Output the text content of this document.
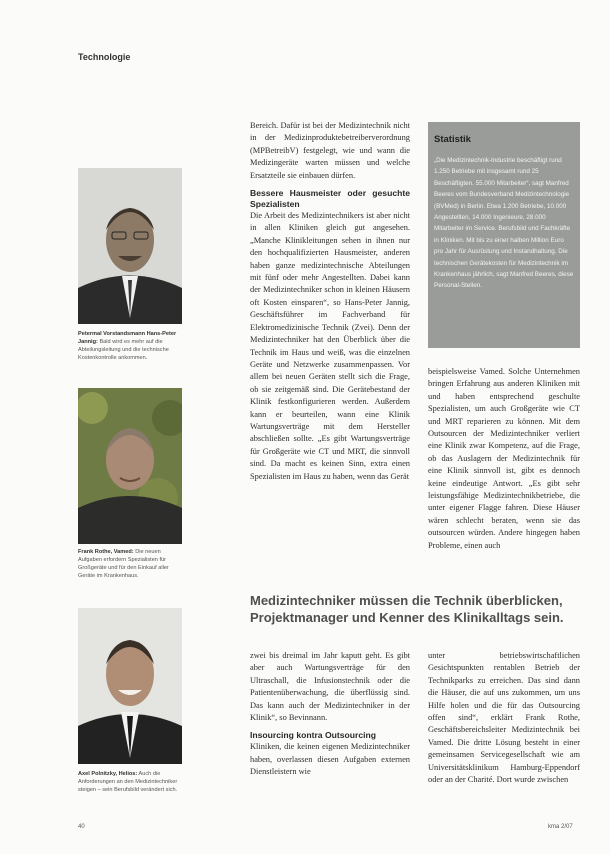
Technologie
Petermal Vorstandsmann Hans-Peter Jannig: Bald wird es mehr auf die Abteilungsleitung und die technische Kostenkontrolle ankommen.
Frank Rothe, Vamed: Die neuen Aufgaben erfordern Spezialisten für Großgeräte und für den Einkauf aller Geräte im Krankenhaus.
Axel Polnitzky, Helios: Auch die Anforderungen an den Medizintechniker steigen – sein Berufsbild verändert sich.

Bereich. Dafür ist bei der Medizintechnik nicht in der Medizinproduktebetreiberverordnung (MPBetreibV) festgelegt, wie und wann die Medizingeräte warten müssen und welche Ersatzteile sie einbauen dürfen.

Bessere Hausmeister oder gesuchte Spezialisten

Die Arbeit des Medizintechnikers ist aber nicht in allen Kliniken gleich gut angesehen. „Manche Klinikleitungen sehen in ihnen nur den hochqualifizierten Hausmeister, anderen haben ganze medizintechnische Abteilungen mit fünf oder mehr Angestellten. Dabei kann der Medizintechniker schon in kleinen Häusern oft Kosten einsparen“, so Hans-Peter Jannig, Geschäftsführer im Fachverband für Elektromedizinische Technik (Zvei). Denn der Medizintechniker hat den Überblick über die Technik im Haus und weiß, was die einzelnen Geräte und Netzwerke zusammenpassen. Vor allem bei neuen Geräten stellt sich die Frage, ob sie zeitgemäß sind. Die Gerätebestand der Klinik festkonfigurieren werden. Außerdem kann er beurteilen, wann eine Klinik Wartungsverträge mit dem Hersteller abschließen sollte. „Es gibt Wartungsverträge für Großgeräte wie CT und MRT, die sinnvoll sind. Da macht es keinen Sinn, extra einen Spezialisten im Haus zu haben, wenn das Gerät

Statistik
„Die Medizintechnik-Industrie beschäftigt rund 1.250 Betriebe mit insgesamt rund 25 Beschäftigten. 55.000 Mitarbeiter“, sagt Manfred Beeres vom Bundesverband Medizintechnologie (BVMed) in Berlin. Etwa 1.200 Betriebe, 10.000 Angestellten, 14.000 Ingenieure, 28.000 Mitarbeiter im Service. Berufsbild und Fachkräfte in Kliniken. Mit bis zu einer halben Million Euro pro Jahr für Ausrüstung und Instandhaltung. Die technischen Gerätekosten für Medizintechnik im Krankenhaus jährlich, sagt Manfred Beeres, diese Personal-Stellen.

beispielsweise Vamed. Solche Unternehmen bringen Erfahrung aus anderen Kliniken mit und haben entsprechend geschulte Spezialisten, um auch Großgeräte wie CT und MRT reparieren zu können. Mit dem Outsourcen der Medizintechniker verliert eine Klinik zwar Kompetenz, auf die Frage, ob das Auslagern der Medizintechnik für eine Klinik sinnvoll ist, gibt es dennoch keine eindeutige Antwort. „Es gibt sehr leistungsfähige Medizintechnikbetriebe, die unter eigener Flagge fahren. Diese Häuser wären schlecht beraten, wenn sie das outsourcen würden. Andere hingegen haben Probleme, einen auch

Medizintechniker müssen die Technik überblicken, Projektmanager und Kenner des Klinikalltags sein.

zwei bis dreimal im Jahr kaputt geht. Es gibt aber auch Wartungsverträge für den Ultraschall, die Infusionstechnik oder die Patientenüberwachung, die überflüssig sind. Das kann auch der Medizintechniker in der Klinik“, so Bevinnann.

Insourcing kontra Outsourcing

Kliniken, die keinen eigenen Medizintechniker haben, overlassen diesen Aufgaben externen Dienstleistern wie

unter betriebswirtschaftlichen Gesichtspunkten rentablen Betrieb der Technikparks zu erreichen. Das sind dann die Häuser, die auf uns zukommen, um uns Hilfe holen und die für das Outsourcing offen sind“, erklärt Frank Rothe, Geschäftsbereichsleiter Medizintechnik bei Vamed. Die dritte Lösung besteht in einer gemeinsamen Servicegesellschaft wie am Universitätsklinikum Hamburg-Eppendorf oder an der Charité. Dort wurde zwischen

40	kma 2/07
